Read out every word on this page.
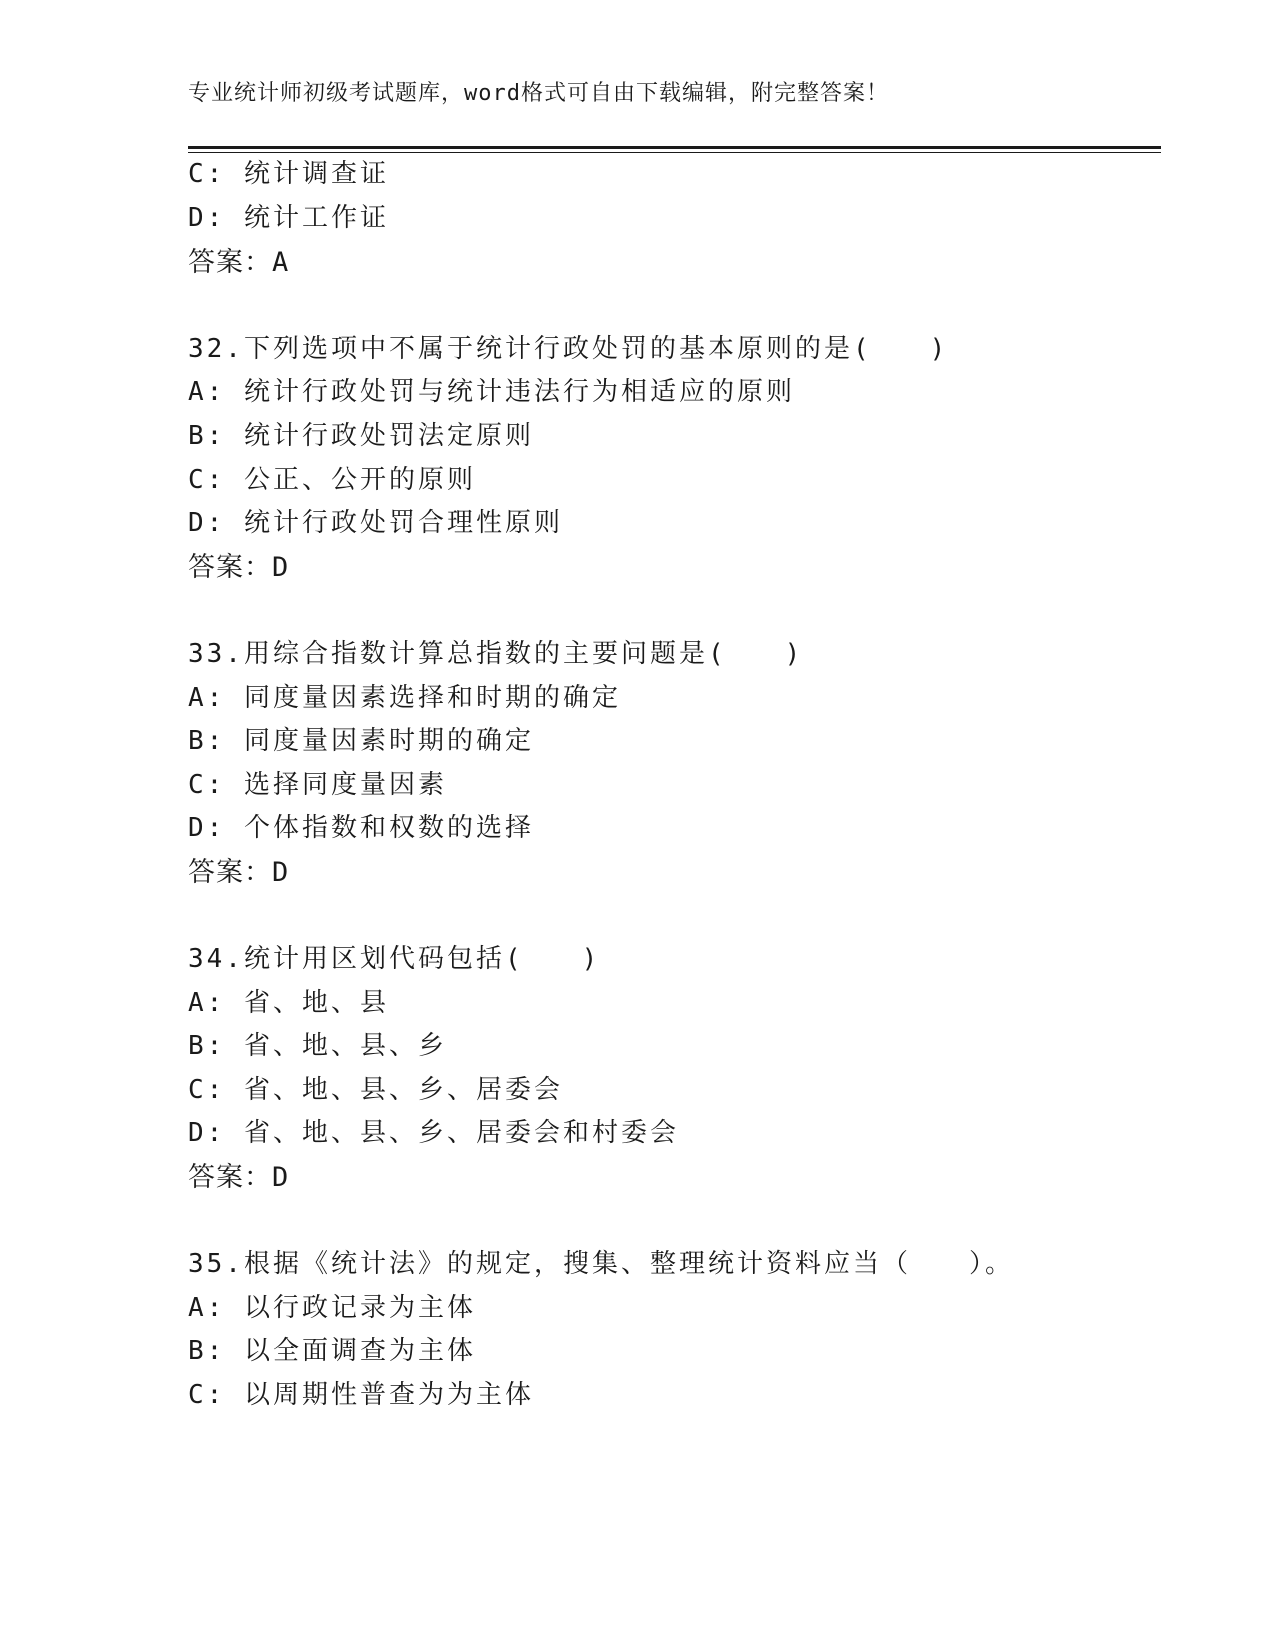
专业统计师初级考试题库，word格式可自由下载编辑，附完整答案！
C: 统计调查证
D: 统计工作证
答案：A
32.下列选项中不属于统计行政处罚的基本原则的是(　　)
A: 统计行政处罚与统计违法行为相适应的原则
B: 统计行政处罚法定原则
C: 公正、公开的原则
D: 统计行政处罚合理性原则
答案：D
33.用综合指数计算总指数的主要问题是(　　)
A: 同度量因素选择和时期的确定
B: 同度量因素时期的确定
C: 选择同度量因素
D: 个体指数和权数的选择
答案：D
34.统计用区划代码包括(　　)
A: 省、地、县
B: 省、地、县、乡
C: 省、地、县、乡、居委会
D: 省、地、县、乡、居委会和村委会
答案：D
35.根据《统计法》的规定，搜集、整理统计资料应当（　　）。
A: 以行政记录为主体
B: 以全面调查为主体
C: 以周期性普查为为主体
